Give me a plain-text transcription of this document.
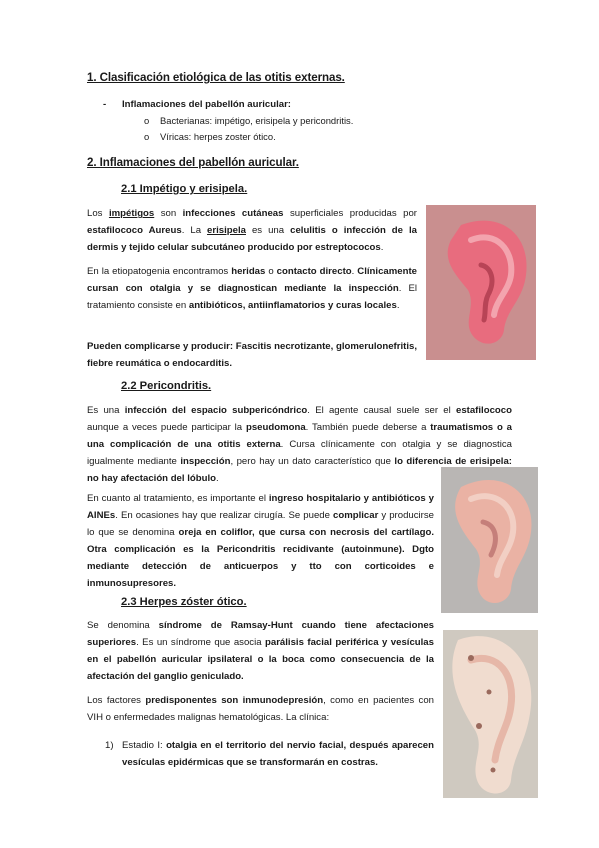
1. Clasificación etiológica de las otitis externas.
- Inflamaciones del pabellón auricular:
o Bacterianas: impétigo, erisipela y pericondritis.
o Víricas: herpes zoster ótico.
2. Inflamaciones del pabellón auricular.
2.1 Impétigo y erisipela.
Los impétigos son infecciones cutáneas superficiales producidas por estafilococo Aureus. La erisipela es una celulitis o infección de la dermis y tejido celular subcutáneo producido por estreptococos.
En la etiopatogenia encontramos heridas o contacto directo. Clínicamente cursan con otalgia y se diagnostican mediante la inspección. El tratamiento consiste en antibióticos, antiinflamatorios y curas locales.
Pueden complicarse y producir: Fascitis necrotizante, glomerulonefritis, fiebre reumática o endocarditis.
2.2 Pericondritis.
Es una infección del espacio subpericóndrico. El agente causal suele ser el estafilococo aunque a veces puede participar la pseudomona. También puede deberse a traumatismos o a una complicación de una otitis externa. Cursa clínicamente con otalgia y se diagnostica igualmente mediante inspección, pero hay un dato característico que lo diferencia de erisipela: no hay afectación del lóbulo.
En cuanto al tratamiento, es importante el ingreso hospitalario y antibióticos y AINEs. En ocasiones hay que realizar cirugía. Se puede complicar y producirse lo que se denomina oreja en coliflor, que cursa con necrosis del cartílago. Otra complicación es la Pericondritis recidivante (autoinmune). Dgto mediante detección de anticuerpos y tto con corticoides e inmunosupresores.
2.3 Herpes zóster ótico.
Se denomina síndrome de Ramsay-Hunt cuando tiene afectaciones superiores. Es un síndrome que asocia parálisis facial periférica y vesículas en el pabellón auricular ipsilateral o la boca como consecuencia de la afectación del ganglio geniculado.
Los factores predisponentes son inmunodepresión, como en pacientes con VIH o enfermedades malignas hematológicas. La clínica:
1) Estadio I: otalgia en el territorio del nervio facial, después aparecen vesículas epidérmicas que se transformarán en costras.
